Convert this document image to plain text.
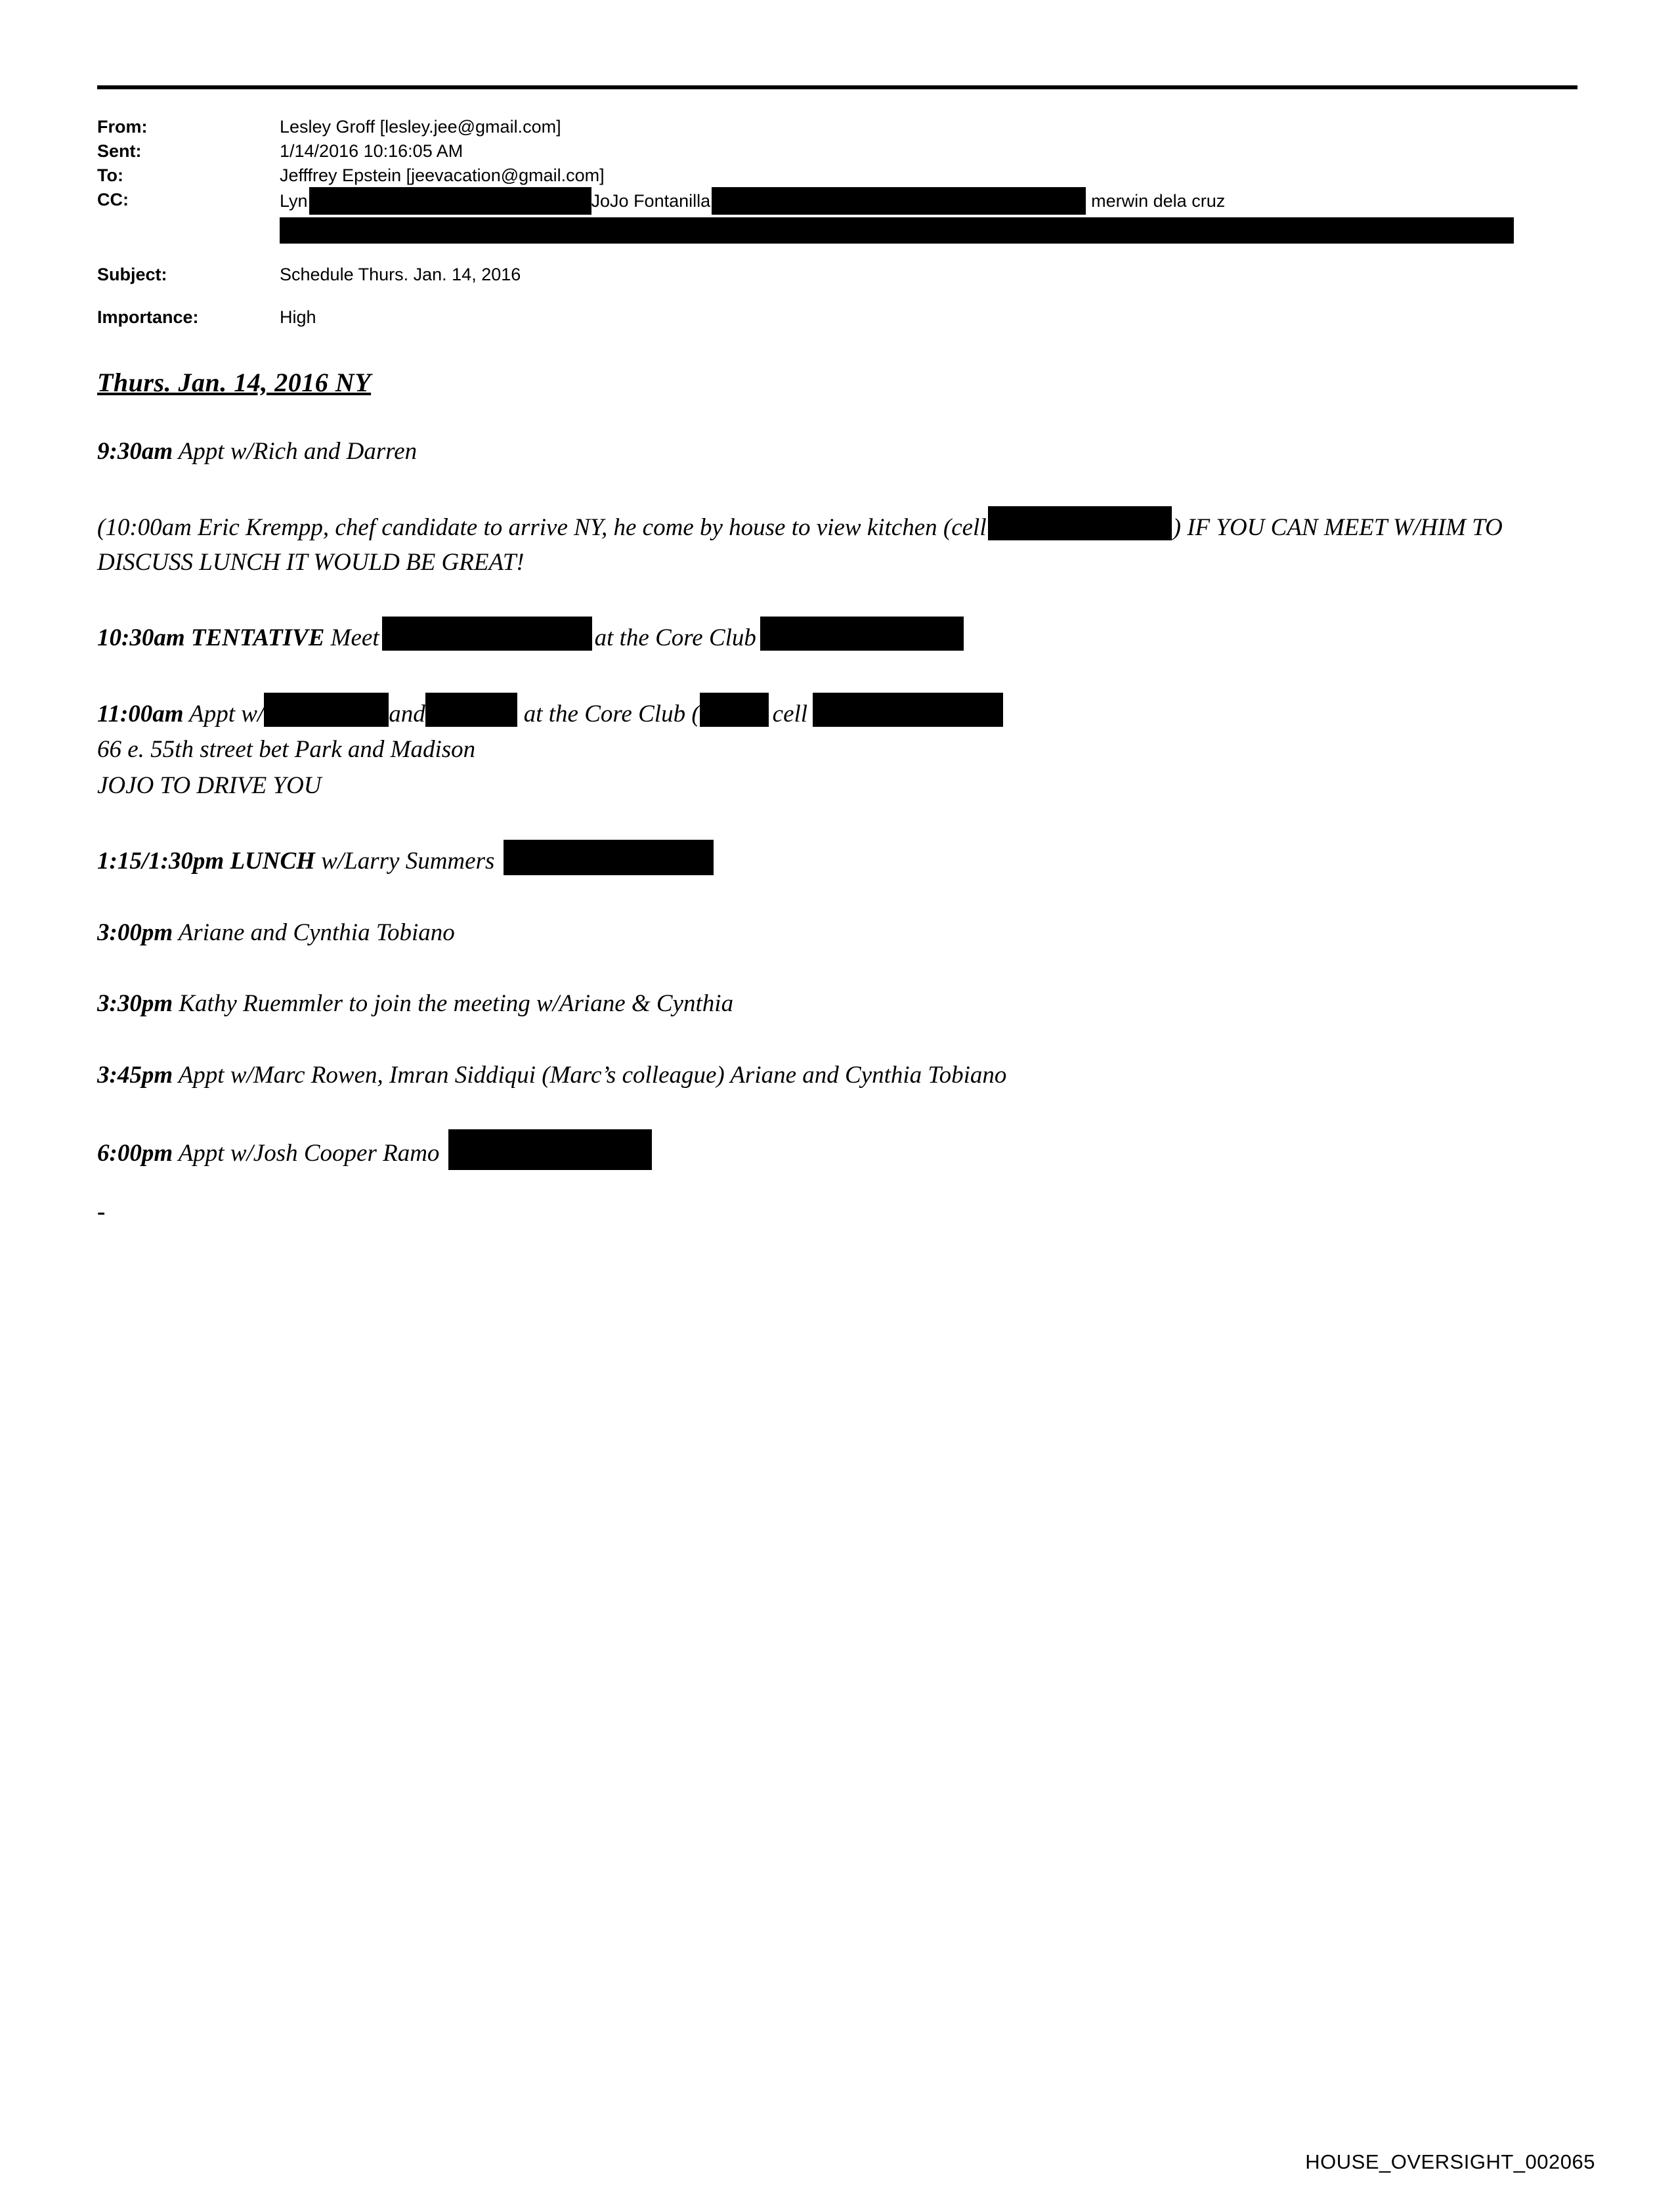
From:	Lesley Groff [lesley.jee@gmail.com]
Sent:	1/14/2016 10:16:05 AM
To:	Jefffrey Epstein [jeevacation@gmail.com]
CC:	Lyn JoJo Fontanilla merwin dela cruz

Subject:	Schedule Thurs. Jan. 14, 2016

Importance:	High
Thurs. Jan. 14, 2016 NY
9:30am Appt w/Rich and Darren
(10:00am Eric Krempp, chef candidate to arrive NY, he come by house to view kitchen (cell	) IF YOU CAN MEET W/HIM TO DISCUSS LUNCH IT WOULD BE GREAT!
10:30am TENTATIVE Meet	at the Core Club
11:00am Appt w/	and	at the Core Club (	cell
66 e. 55th street bet Park and Madison
JOJO TO DRIVE YOU
1:15/1:30pm LUNCH w/Larry Summers
3:00pm Ariane and Cynthia Tobiano
3:30pm Kathy Ruemmler to join the meeting w/Ariane & Cynthia
3:45pm Appt w/Marc Rowen, Imran Siddiqui (Marc’s colleague) Ariane and Cynthia Tobiano
6:00pm Appt w/Josh Cooper Ramo
-
HOUSE_OVERSIGHT_002065
